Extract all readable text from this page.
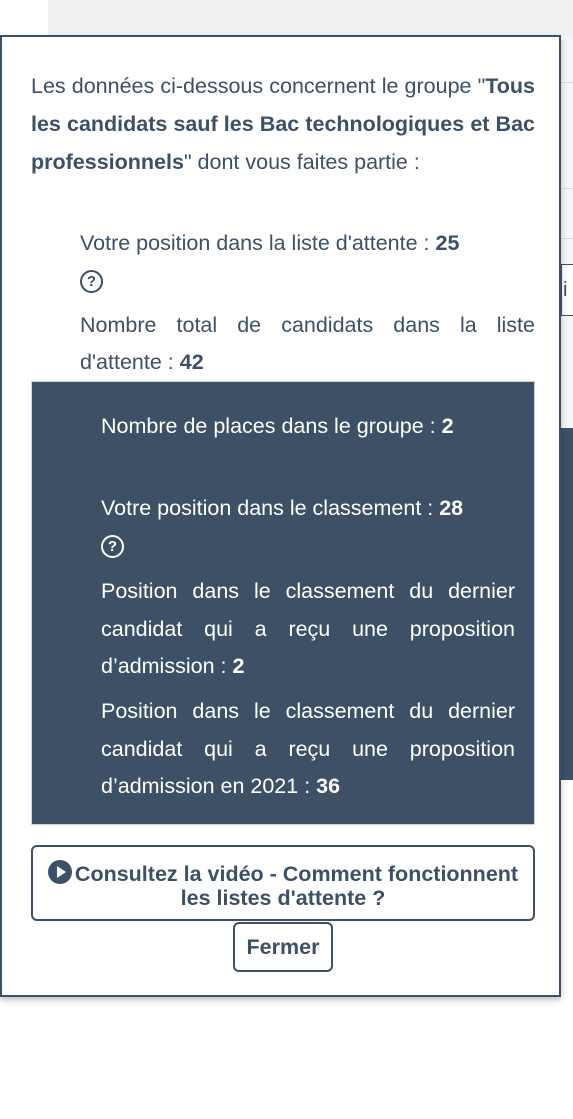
i
Les données ci-dessous concernent le groupe "Tous les candidats sauf les Bac technologiques et Bac professionnels" dont vous faites partie :
Votre position dans la liste d'attente : 25
?
Nombre total de candidats dans la liste d'attente : 42
Nombre de places dans le groupe : 2
Votre position dans le classement : 28
?
Position dans le classement du dernier candidat qui a reçu une proposition d’admission : 2
Position dans le classement du dernier candidat qui a reçu une proposition d’admission en 2021 : 36
Consultez la vidéo - Comment fonctionnent les listes d'attente ?
Fermer
